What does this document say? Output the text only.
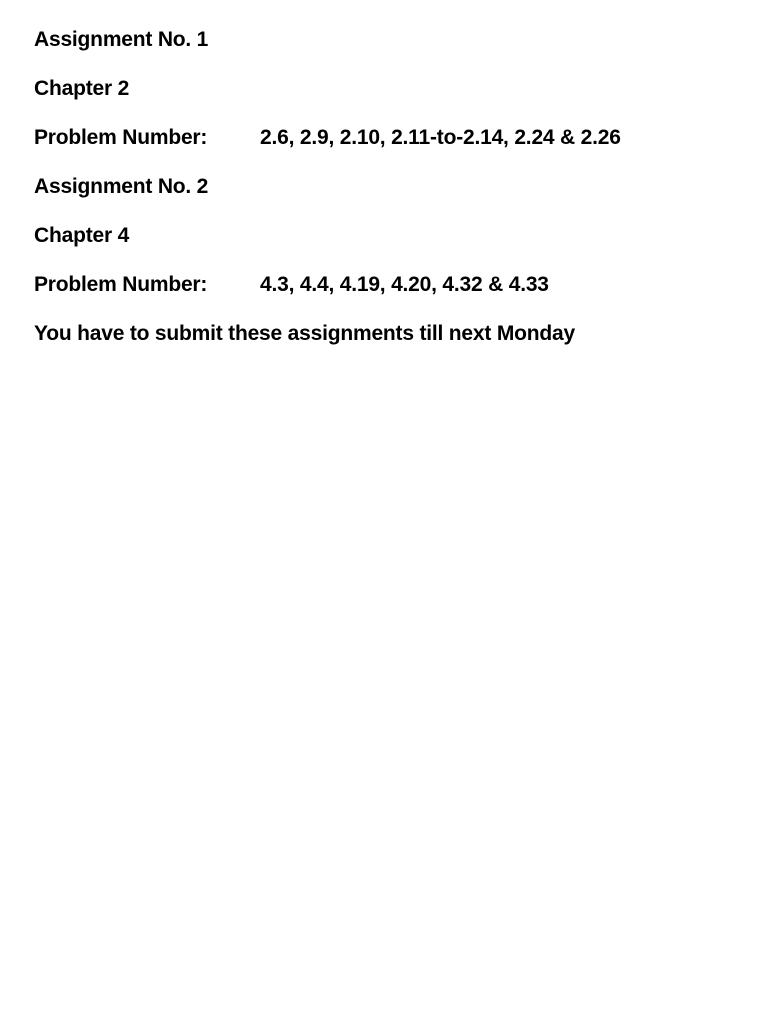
Assignment No. 1
Chapter 2
Problem Number:	2.6, 2.9, 2.10, 2.11-to-2.14, 2.24 & 2.26
Assignment No. 2
Chapter 4
Problem Number:	4.3, 4.4, 4.19, 4.20, 4.32 & 4.33
You have to submit these assignments till next Monday
